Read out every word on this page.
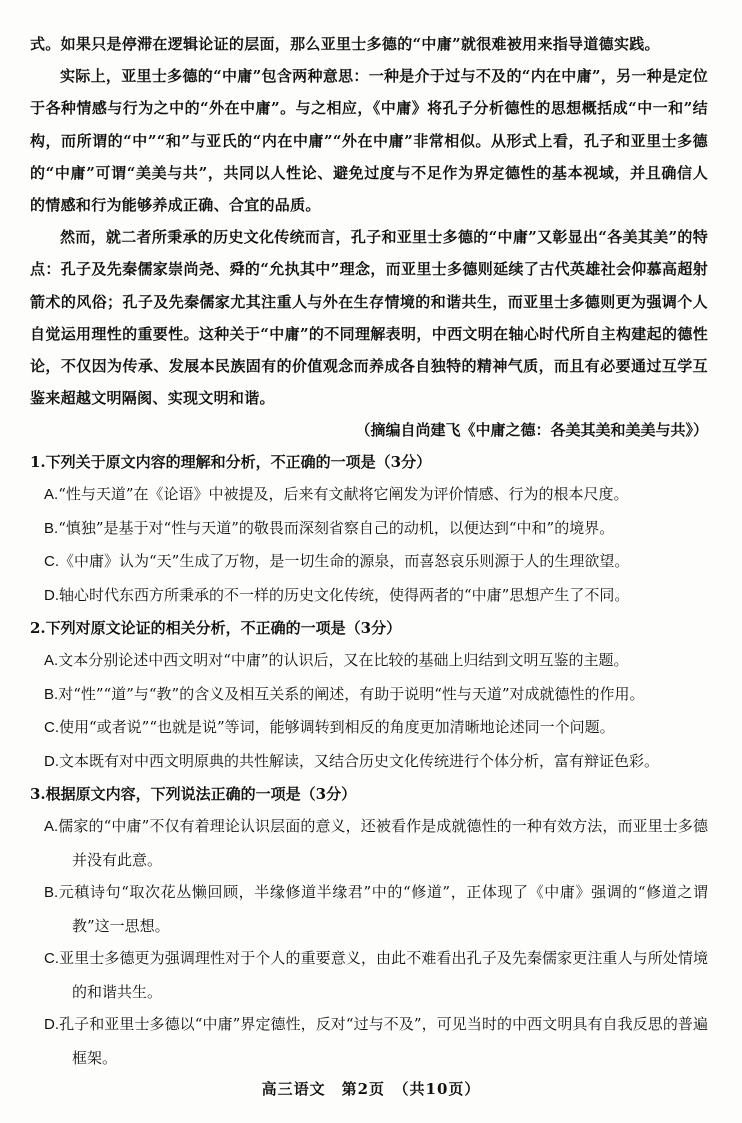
式。如果只是停滞在逻辑论证的层面，那么亚里士多德的“中庸”就很难被用来指导道德实践。

实际上，亚里士多德的“中庸”包含两种意思：一种是介于过与不及的“内在中庸”，另一种是定位于各种情感与行为之中的“外在中庸”。与之相应，《中庸》将孔子分析德性的思想概括成“中一和”结构，而所谓的“中”“和”与亚氏的“内在中庸”“外在中庸”非常相似。从形式上看，孔子和亚里士多德的“中庸”可谓“美美与共”，共同以人性论、避免过度与不足作为界定德性的基本视域，并且确信人的情感和行为能够养成正确、合宜的品质。

然而，就二者所秉承的历史文化传统而言，孔子和亚里士多德的“中庸”又彰显出“各美其美”的特点：孔子及先秦儒家崇尚尧、舜的“允执其中”理念，而亚里士多德则延续了古代英雄社会仰慕高超射箭术的风俗；孔子及先秦儒家尤其注重人与外在生存情境的和谐共生，而亚里士多德则更为强调个人自觉运用理性的重要性。这种关于“中庸”的不同理解表明，中西文明在轴心时代所自主构建起的德性论，不仅因为传承、发展本民族固有的价值观念而养成各自独特的精神气质，而且有必要通过互学互鉴来超越文明隔阂、实现文明和谐。

（摘编自尚建飞《中庸之德：各美其美和美美与共》）

1.下列关于原文内容的理解和分析，不正确的一项是（3分）

A.“性与天道”在《论语》中被提及，后来有文献将它阐发为评价情感、行为的根本尺度。

B.“慎独”是基于对“性与天道”的敬畏而深刻省察自己的动机，以便达到“中和”的境界。

C.《中庸》认为“天”生成了万物，是一切生命的源泉，而喜怒哀乐则源于人的生理欲望。

D.轴心时代东西方所秉承的不一样的历史文化传统，使得两者的“中庸”思想产生了不同。

2.下列对原文论证的相关分析，不正确的一项是（3分）

A.文本分别论述中西文明对“中庸”的认识后，又在比较的基础上归结到文明互鉴的主题。

B.对“性”“道”与“教”的含义及相互关系的阐述，有助于说明“性与天道”对成就德性的作用。

C.使用“或者说”“也就是说”等词，能够调转到相反的角度更加清晰地论述同一个问题。

D.文本既有对中西文明原典的共性解读，又结合历史文化传统进行个体分析，富有辩证色彩。

3.根据原文内容，下列说法正确的一项是（3分）

A.儒家的“中庸”不仅有着理论认识层面的意义，还被看作是成就德性的一种有效方法，而亚里士多德并没有此意。

B.元稹诗句“取次花丛懒回顾，半缘修道半缘君”中的“修道”，正体现了《中庸》强调的“修道之谓教”这一思想。

C.亚里士多德更为强调理性对于个人的重要意义，由此不难看出孔子及先秦儒家更注重人与所处情境的和谐共生。

D.孔子和亚里士多德以“中庸”界定德性，反对“过与不及”，可见当时的中西文明具有自我反思的普遍框架。

高三语文　第2页　（共10页）
